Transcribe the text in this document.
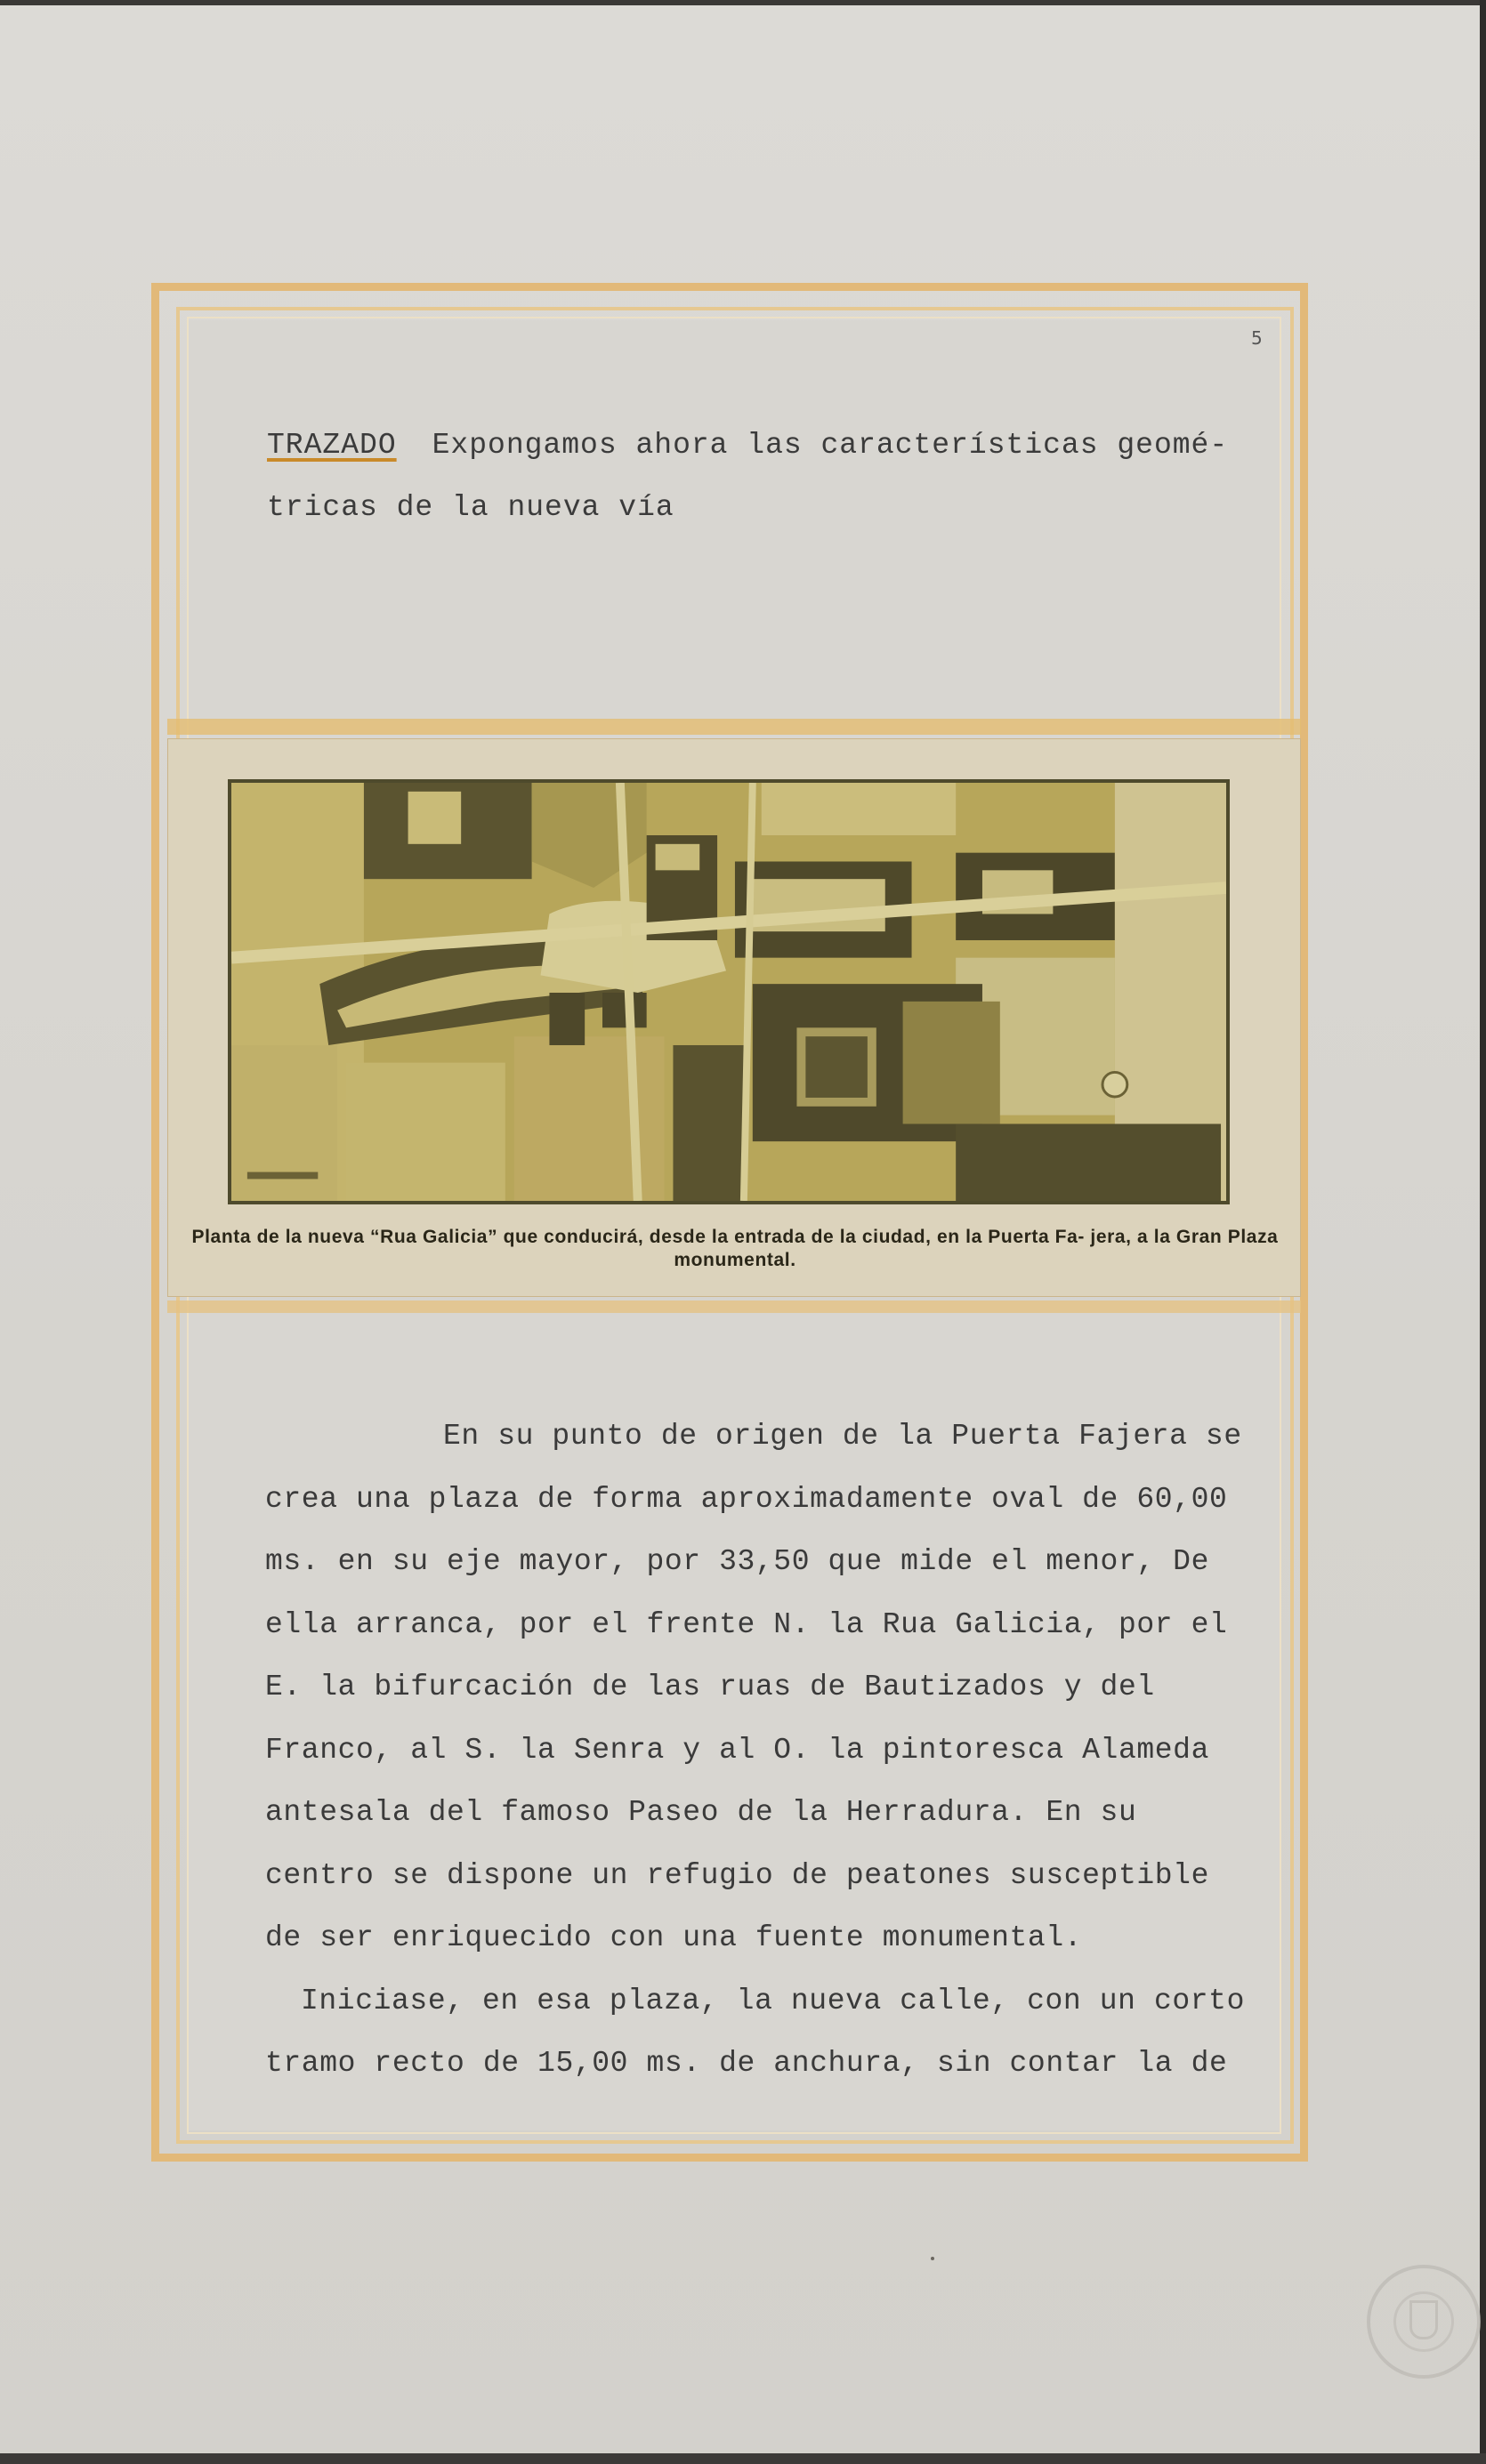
5
TRAZADO Expongamos ahora las características geomé-
tricas de la nueva vía
Planta de la nueva “Rua Galicia” que conducirá, desde la entrada de la ciudad, en la Puerta Fa- jera, a la Gran Plaza monumental.

En su punto de origen de la Puerta Fajera se crea una plaza de forma aproximadamente oval de 60,00 ms. en su eje mayor, por 33,50 que mide el menor, De ella arranca, por el frente N. la Rua Galicia, por el E. la bifurcación de las ruas de Bautizados y del Franco, al S. la Senra y al O. la pintoresca Alameda antesala del famoso Paseo de la Herradura. En su centro se dispone un refugio de peatones susceptible de ser enriquecido con una fuente monumental.

Iniciase, en esa plaza, la nueva calle, con un corto tramo recto de 15,00 ms. de anchura, sin contar la de
